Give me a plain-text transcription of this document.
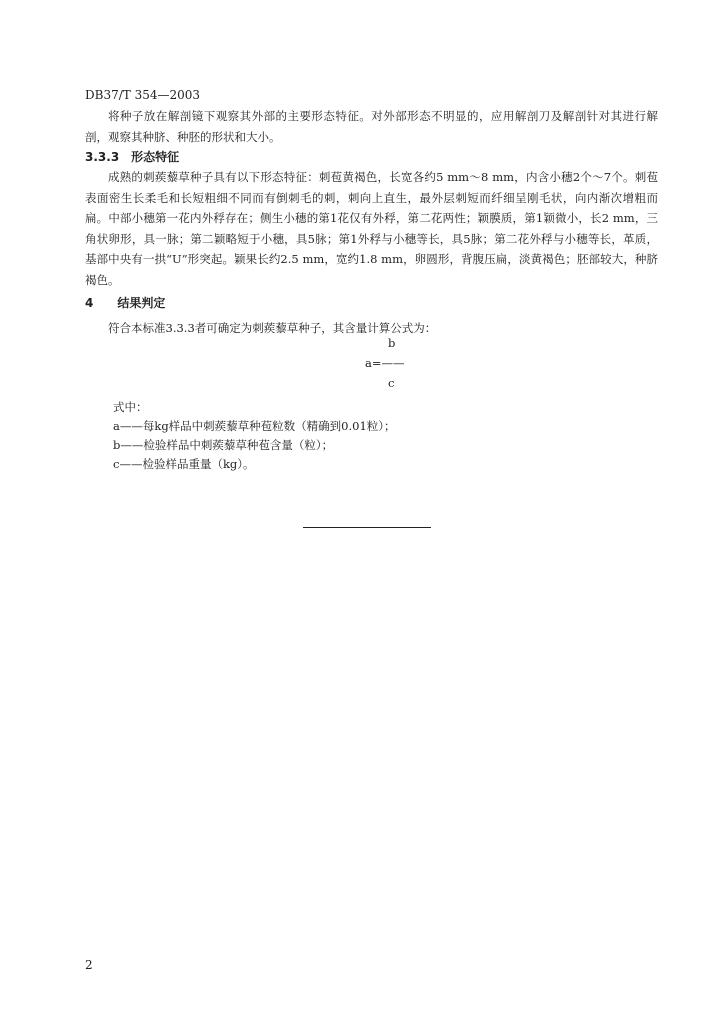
DB37/T 354—2003
将种子放在解剖镜下观察其外部的主要形态特征。对外部形态不明显的，应用解剖刀及解剖针对其进行解剖，观察其种脐、种胚的形状和大小。
3.3.3 形态特征
成熟的刺蒺藜草种子具有以下形态特征：刺苞黄褐色，长宽各约5 mm～8 mm，内含小穗2个～7个。刺苞表面密生长柔毛和长短粗细不同而有倒刺毛的刺，刺向上直生，最外层刺短而纤细呈刚毛状，向内渐次增粗而扁。中部小穗第一花内外稃存在；侧生小穗的第1花仅有外稃，第二花两性；颖膜质，第1颖微小，长2 mm，三角状卵形，具一脉；第二颖略短于小穗，具5脉；第1外稃与小穗等长，具5脉；第二花外稃与小穗等长，革质，基部中央有一拱“U”形突起。颖果长约2.5 mm，宽约1.8 mm，卵圆形，背腹压扁，淡黄褐色；胚部较大，种脐褐色。
4 结果判定
符合本标准3.3.3者可确定为刺蒺藜草种子，其含量计算公式为：
b
a=——
c
式中：
a——每kg样品中刺蒺藜草种苞粒数（精确到0.01粒）；
b——检验样品中刺蒺藜草种苞含量（粒）；
c——检验样品重量（kg）。
2
